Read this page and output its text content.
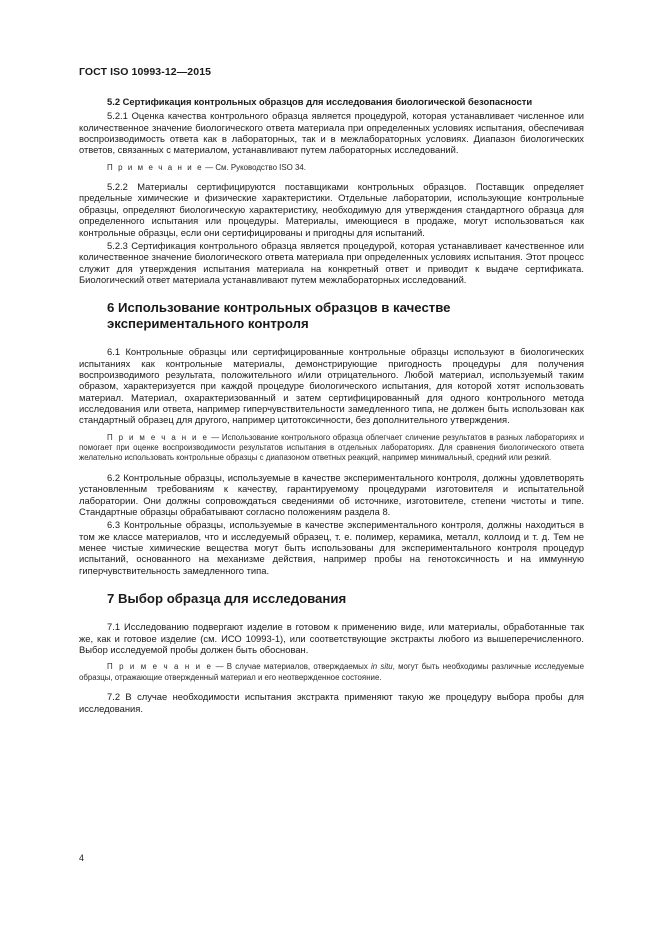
ГОСТ ISO 10993-12—2015
5.2 Сертификация контрольных образцов для исследования биологической безопасности

5.2.1 Оценка качества контрольного образца является процедурой, которая устанавливает численное или количественное значение биологического ответа материала при определенных условиях испытания, обеспечивая воспроизводимость ответа как в лабораторных, так и в межлабораторных условиях. Диапазон биологических ответов, связанных с материалом, устанавливают путем лабораторных исследований.

П р и м е ч а н и е — См. Руководство ISO 34.

5.2.2 Материалы сертифицируются поставщиками контрольных образцов. Поставщик определяет предельные химические и физические характеристики. Отдельные лаборатории, использующие контрольные образцы, определяют биологическую характеристику, необходимую для утверждения стандартного образца для определенного испытания или процедуры. Материалы, имеющиеся в продаже, могут использоваться как контрольные образцы, если они сертифицированы и пригодны для испытаний.

5.2.3 Сертификация контрольного образца является процедурой, которая устанавливает качественное или количественное значение биологического ответа материала при определенных условиях испытания. Этот процесс служит для утверждения испытания материала на конкретный ответ и приводит к выдаче сертификата. Биологический ответ материала устанавливают путем межлабораторных исследований.

6 Использование контрольных образцов в качестве
экспериментального контроля

6.1 Контрольные образцы или сертифицированные контрольные образцы используют в биологических испытаниях как контрольные материалы, демонстрирующие пригодность процедуры для получения воспроизводимого результата, положительного и/или отрицательного. Любой материал, используемый таким образом, характеризуется при каждой процедуре биологического испытания, для которой хотят использовать материал. Материал, охарактеризованный и затем сертифицированный для одного контрольного метода исследования или ответа, например гиперчувствительности замедленного типа, не должен быть использован как стандартный образец для другого, например цитотоксичности, без дополнительного утверждения.

П р и м е ч а н и е — Использование контрольного образца облегчает сличение результатов в разных лабораториях и помогает при оценке воспроизводимости результатов испытания в отдельных лабораториях. Для сравнения биологического ответа желательно использовать контрольные образцы с диапазоном ответных реакций, например минимальный, средний или резкий.

6.2 Контрольные образцы, используемые в качестве экспериментального контроля, должны удовлетворять установленным требованиям к качеству, гарантируемому процедурами изготовителя и испытательной лаборатории. Они должны сопровождаться сведениями об источнике, изготовителе, степени чистоты и типе. Стандартные образцы обрабатывают согласно положениям раздела 8.

6.3 Контрольные образцы, используемые в качестве экспериментального контроля, должны находиться в том же классе материалов, что и исследуемый образец, т. е. полимер, керамика, металл, коллоид и т. д. Тем не менее чистые химические вещества могут быть использованы для экспериментального контроля процедур испытаний, основанного на механизме действия, например пробы на генотоксичность и на иммунную гиперчувствительность замедленного типа.

7 Выбор образца для исследования

7.1 Исследованию подвергают изделие в готовом к применению виде, или материалы, обработанные так же, как и готовое изделие (см. ИСО 10993-1), или соответствующие экстракты любого из вышеперечисленного. Выбор исследуемой пробы должен быть обоснован.

П р и м е ч а н и е — В случае материалов, отверждаемых in situ, могут быть необходимы различные исследуемые образцы, отражающие отвержденный материал и его неотвержденное состояние.

7.2 В случае необходимости испытания экстракта применяют такую же процедуру выбора пробы для исследования.

4
